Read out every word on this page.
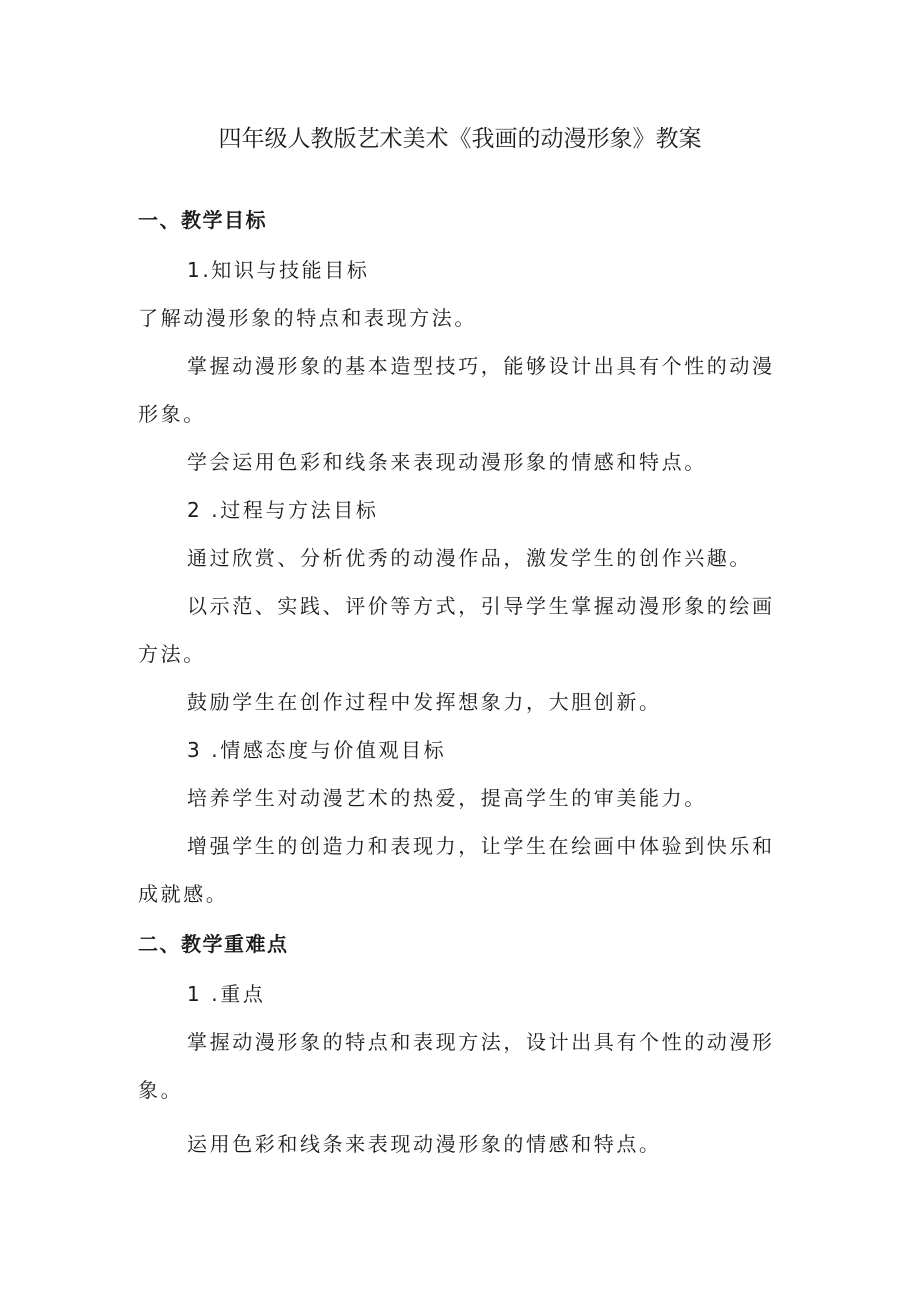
四年级人教版艺术美术《我画的动漫形象》教案

一、教学目标

1.知识与技能目标

了解动漫形象的特点和表现方法。

掌握动漫形象的基本造型技巧，能够设计出具有个性的动漫

形象。

学会运用色彩和线条来表现动漫形象的情感和特点。

2 .过程与方法目标

通过欣赏、分析优秀的动漫作品，激发学生的创作兴趣。

以示范、实践、评价等方式，引导学生掌握动漫形象的绘画

方法。

鼓励学生在创作过程中发挥想象力，大胆创新。

3 .情感态度与价值观目标

培养学生对动漫艺术的热爱，提高学生的审美能力。

增强学生的创造力和表现力，让学生在绘画中体验到快乐和

成就感。

二、教学重难点

1 .重点

掌握动漫形象的特点和表现方法，设计出具有个性的动漫形

象。

运用色彩和线条来表现动漫形象的情感和特点。
